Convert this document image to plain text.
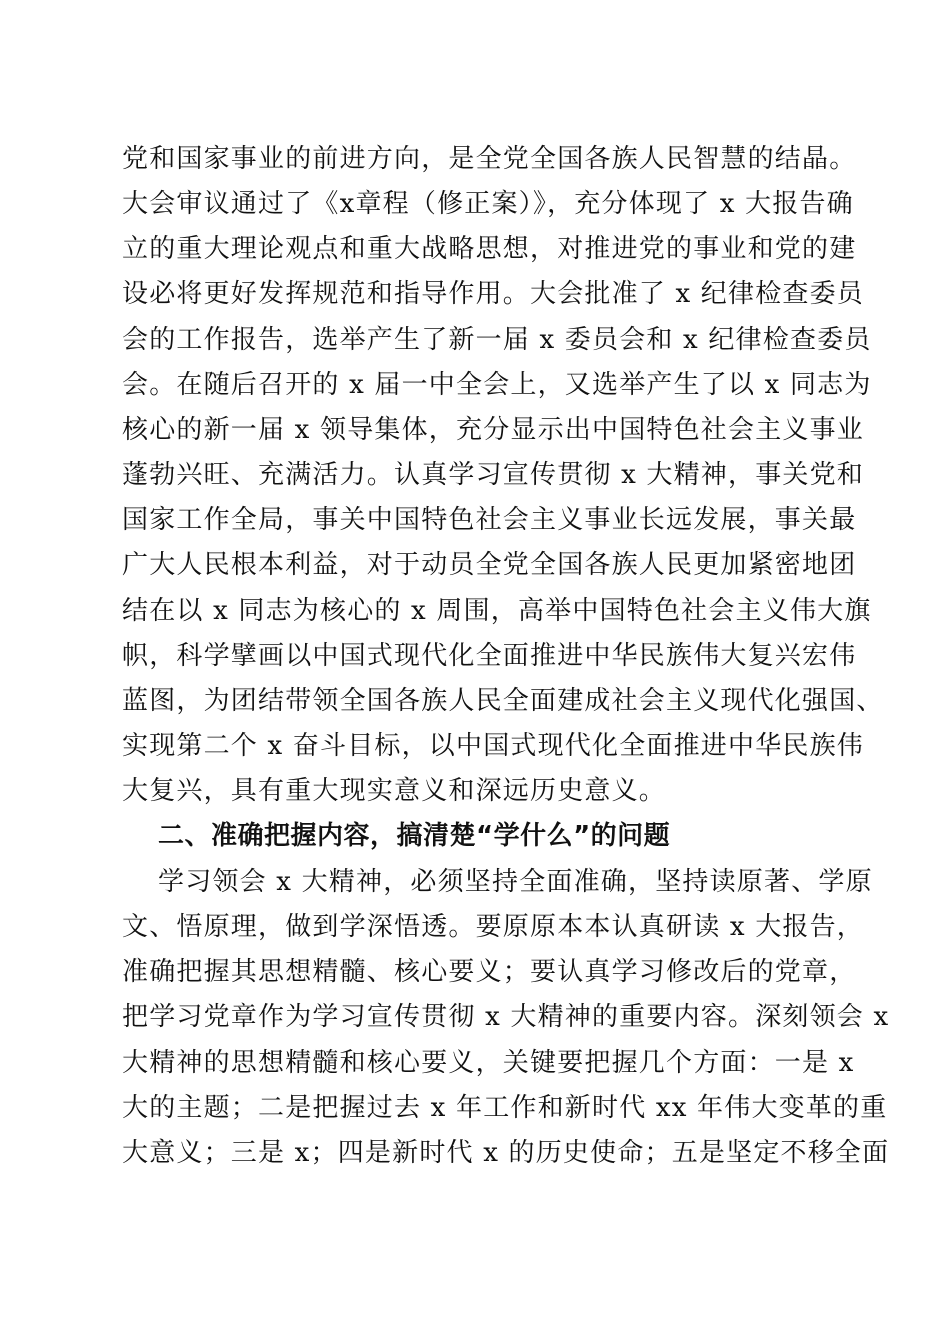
党和国家事业的前进方向，是全党全国各族人民智慧的结晶。

大会审议通过了《x章程（修正案）》，充分体现了 x 大报告确

立的重大理论观点和重大战略思想，对推进党的事业和党的建

设必将更好发挥规范和指导作用。大会批准了 x 纪律检查委员

会的工作报告，选举产生了新一届 x 委员会和 x 纪律检查委员

会。在随后召开的 x 届一中全会上，又选举产生了以 x 同志为

核心的新一届 x 领导集体，充分显示出中国特色社会主义事业

蓬勃兴旺、充满活力。认真学习宣传贯彻 x 大精神，事关党和

国家工作全局，事关中国特色社会主义事业长远发展，事关最

广大人民根本利益，对于动员全党全国各族人民更加紧密地团

结在以 x 同志为核心的 x 周围，高举中国特色社会主义伟大旗

帜，科学擘画以中国式现代化全面推进中华民族伟大复兴宏伟

蓝图，为团结带领全国各族人民全面建成社会主义现代化强国、

实现第二个 x 奋斗目标，以中国式现代化全面推进中华民族伟

大复兴，具有重大现实意义和深远历史意义。

二、准确把握内容，搞清楚“学什么”的问题

学习领会 x 大精神，必须坚持全面准确，坚持读原著、学原

文、悟原理，做到学深悟透。要原原本本认真研读 x 大报告，

准确把握其思想精髓、核心要义；要认真学习修改后的党章，

把学习党章作为学习宣传贯彻 x 大精神的重要内容。深刻领会 x

大精神的思想精髓和核心要义，关键要把握几个方面：一是 x

大的主题；二是把握过去 x 年工作和新时代 xx 年伟大变革的重

大意义；三是 x；四是新时代 x 的历史使命；五是坚定不移全面
